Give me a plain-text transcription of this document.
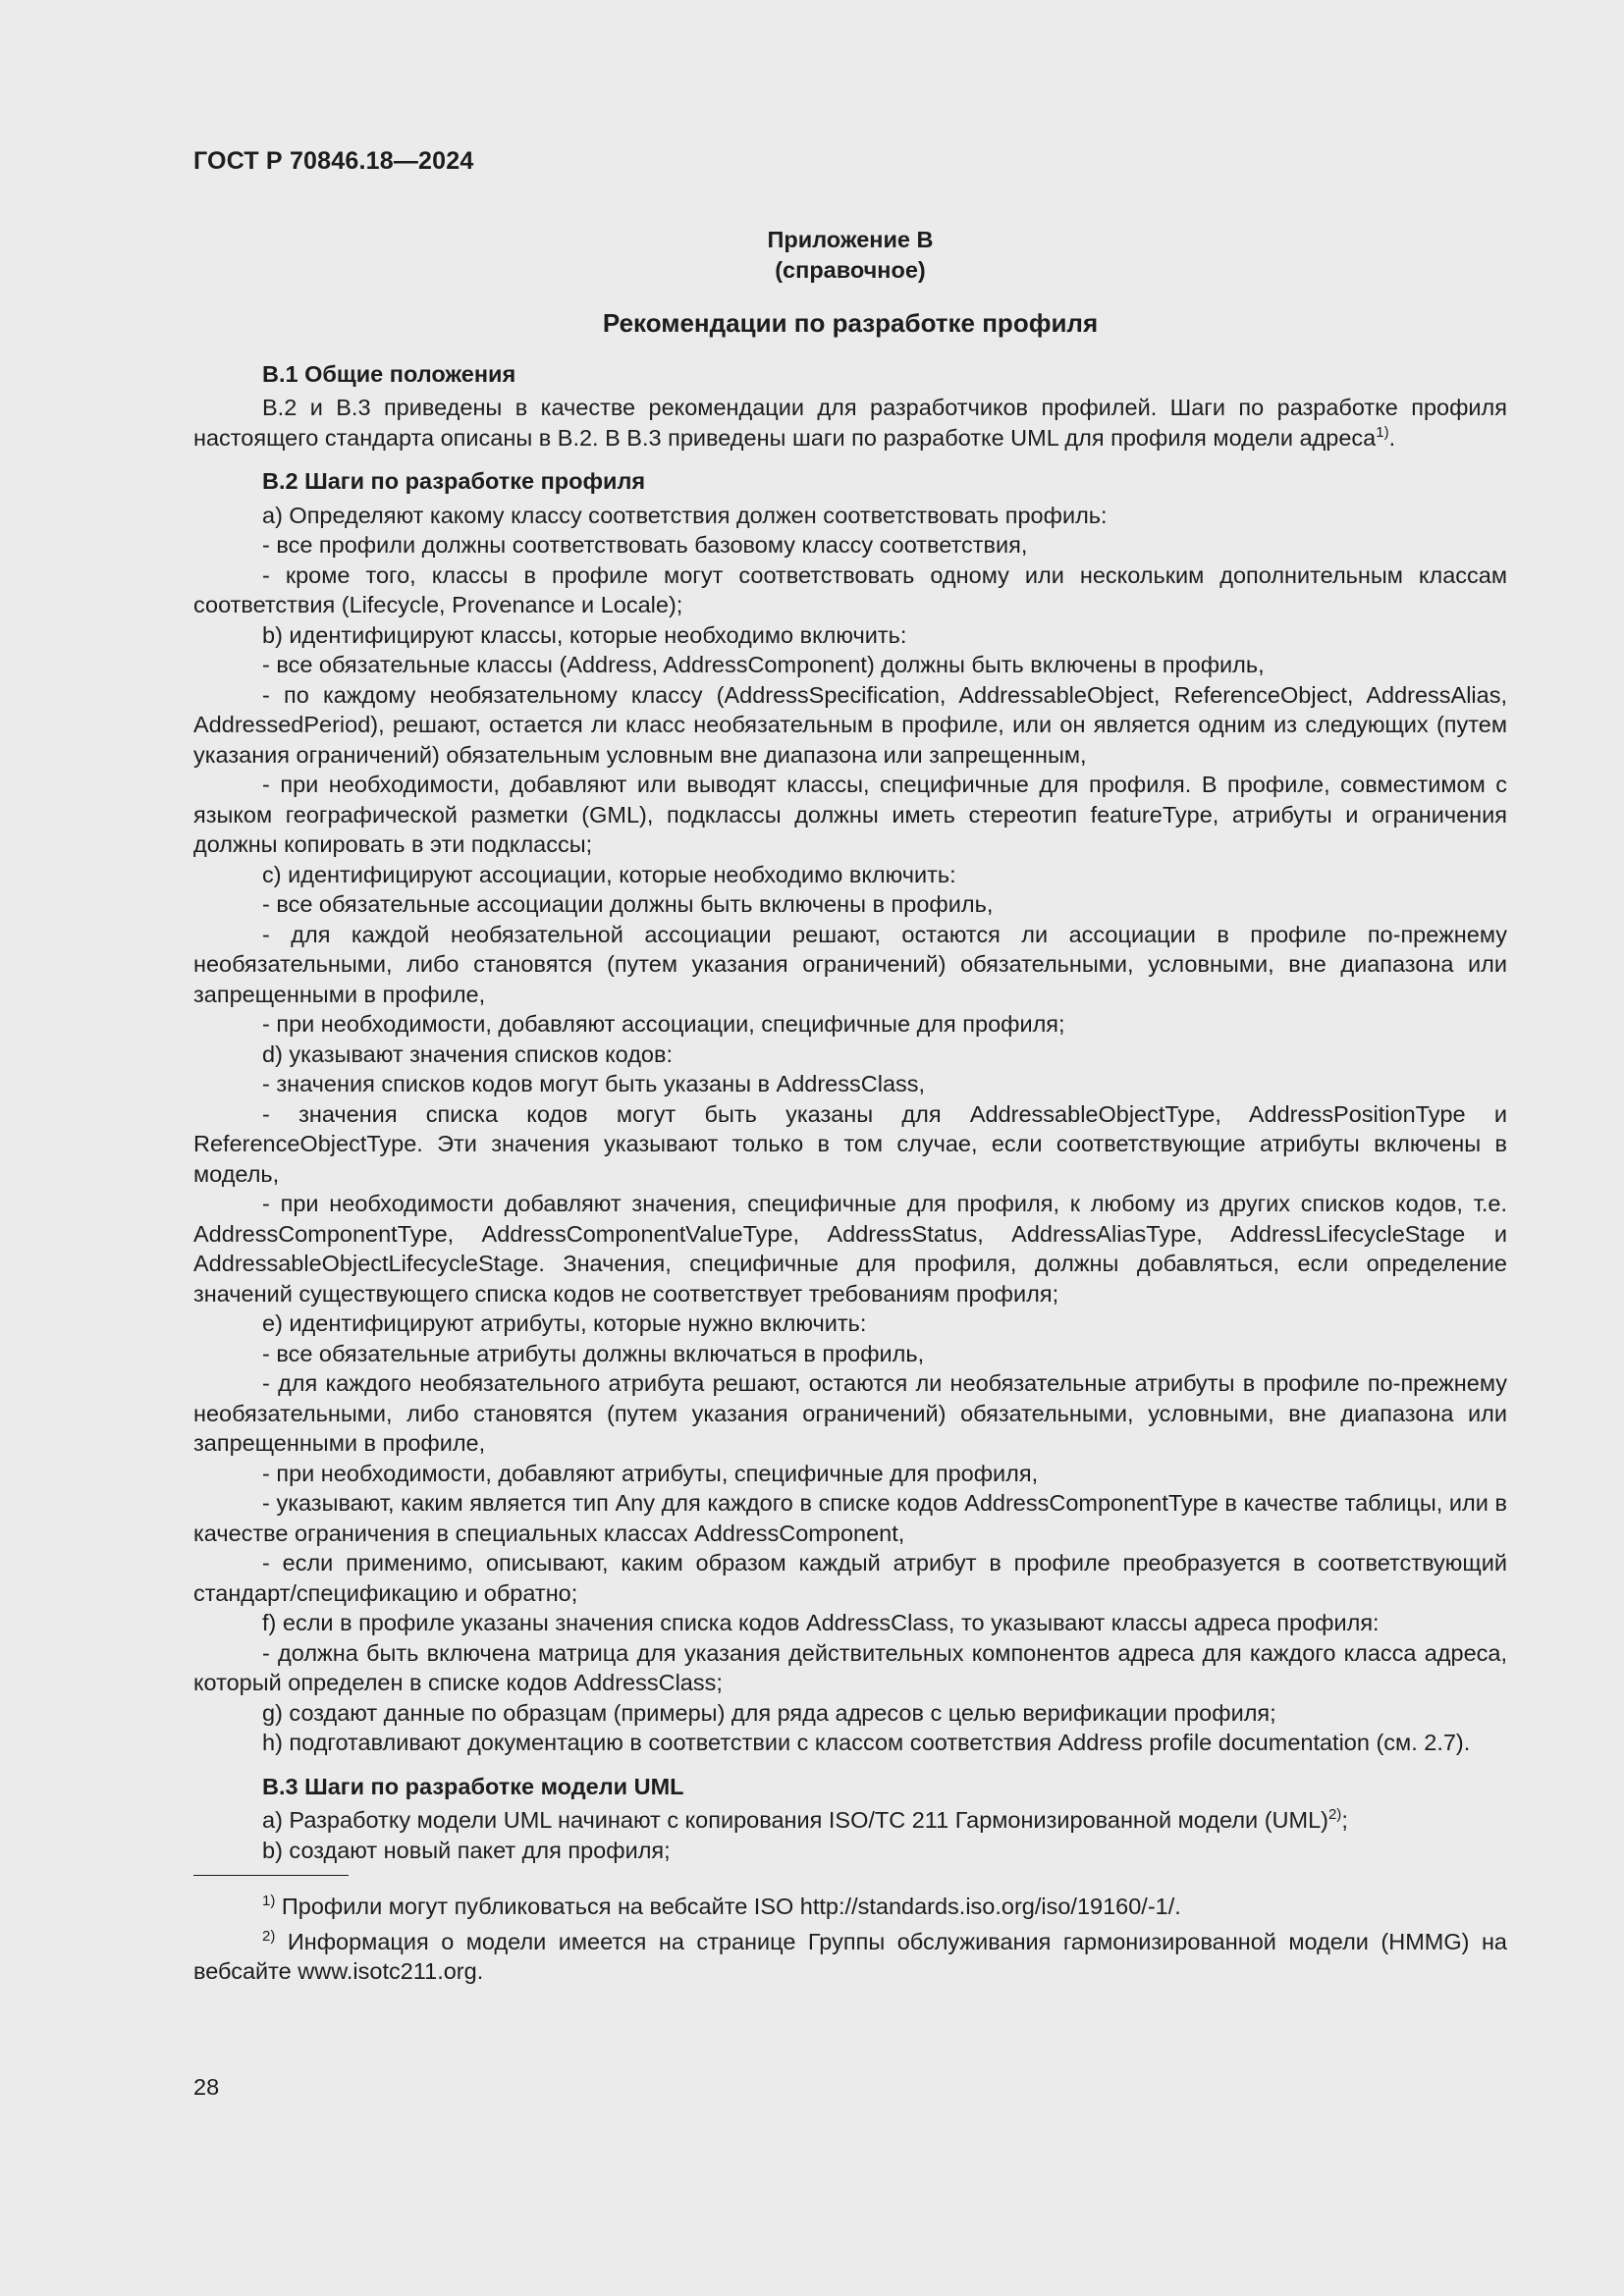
ГОСТ Р 70846.18—2024
Приложение В
(справочное)
Рекомендации по разработке профиля
В.1 Общие положения

В.2 и В.3 приведены в качестве рекомендации для разработчиков профилей. Шаги по разработке профиля настоящего стандарта описаны в В.2. В В.3 приведены шаги по разработке UML для профиля модели адреса$^{1)}$.

В.2 Шаги по разработке профиля

а) Определяют какому классу соответствия должен соответствовать профиль:

- все профили должны соответствовать базовому классу соответствия,

- кроме того, классы в профиле могут соответствовать одному или нескольким дополнительным классам соответствия (Lifecycle, Provenance и Locale);

b) идентифицируют классы, которые необходимо включить:

- все обязательные классы (Address, AddressComponent) должны быть включены в профиль,

- по каждому необязательному классу (AddressSpecification, AddressableObject, ReferenceObject, AddressAlias, AddressedPeriod), решают, остается ли класс необязательным в профиле, или он является одним из следующих (путем указания ограничений) обязательным условным вне диапазона или запрещенным,

- при необходимости, добавляют или выводят классы, специфичные для профиля. В профиле, совместимом с языком географической разметки (GML), подклассы должны иметь стереотип featureType, атрибуты и ограничения должны копировать в эти подклассы;

c) идентифицируют ассоциации, которые необходимо включить:

- все обязательные ассоциации должны быть включены в профиль,

- для каждой необязательной ассоциации решают, остаются ли ассоциации в профиле по-прежнему необязательными, либо становятся (путем указания ограничений) обязательными, условными, вне диапазона или запрещенными в профиле,

- при необходимости, добавляют ассоциации, специфичные для профиля;

d) указывают значения списков кодов:

- значения списков кодов могут быть указаны в AddressClass,

- значения списка кодов могут быть указаны для AddressableObjectType, AddressPositionType и ReferenceObjectType. Эти значения указывают только в том случае, если соответствующие атрибуты включены в модель,

- при необходимости добавляют значения, специфичные для профиля, к любому из других списков кодов, т.е. AddressComponentType, AddressComponentValueType, AddressStatus, AddressAliasType, AddressLifecycleStage и AddressableObjectLifecycleStage. Значения, специфичные для профиля, должны добавляться, если определение значений существующего списка кодов не соответствует требованиям профиля;

e) идентифицируют атрибуты, которые нужно включить:

- все обязательные атрибуты должны включаться в профиль,

- для каждого необязательного атрибута решают, остаются ли необязательные атрибуты в профиле по-прежнему необязательными, либо становятся (путем указания ограничений) обязательными, условными, вне диапазона или запрещенными в профиле,

- при необходимости, добавляют атрибуты, специфичные для профиля,

- указывают, каким является тип Any для каждого в списке кодов AddressComponentType в качестве таблицы, или в качестве ограничения в специальных классах AddressComponent,

- если применимо, описывают, каким образом каждый атрибут в профиле преобразуется в соответствующий стандарт/спецификацию и обратно;

f) если в профиле указаны значения списка кодов AddressClass, то указывают классы адреса профиля:

- должна быть включена матрица для указания действительных компонентов адреса для каждого класса адреса, который определен в списке кодов AddressClass;

g) создают данные по образцам (примеры) для ряда адресов с целью верификации профиля;

h) подготавливают документацию в соответствии с классом соответствия Address profile documentation (см. 2.7).

В.3 Шаги по разработке модели UML

а) Разработку модели UML начинают с копирования ISO/TC 211 Гармонизированной модели (UML)$^{2)}$;

b) создают новый пакет для профиля;

$^{1)}$ Профили могут публиковаться на вебсайте ISO http://standards.iso.org/iso/19160/-1/.

$^{2)}$ Информация о модели имеется на странице Группы обслуживания гармонизированной модели (HMMG) на вебсайте www.isotc211.org.

28
